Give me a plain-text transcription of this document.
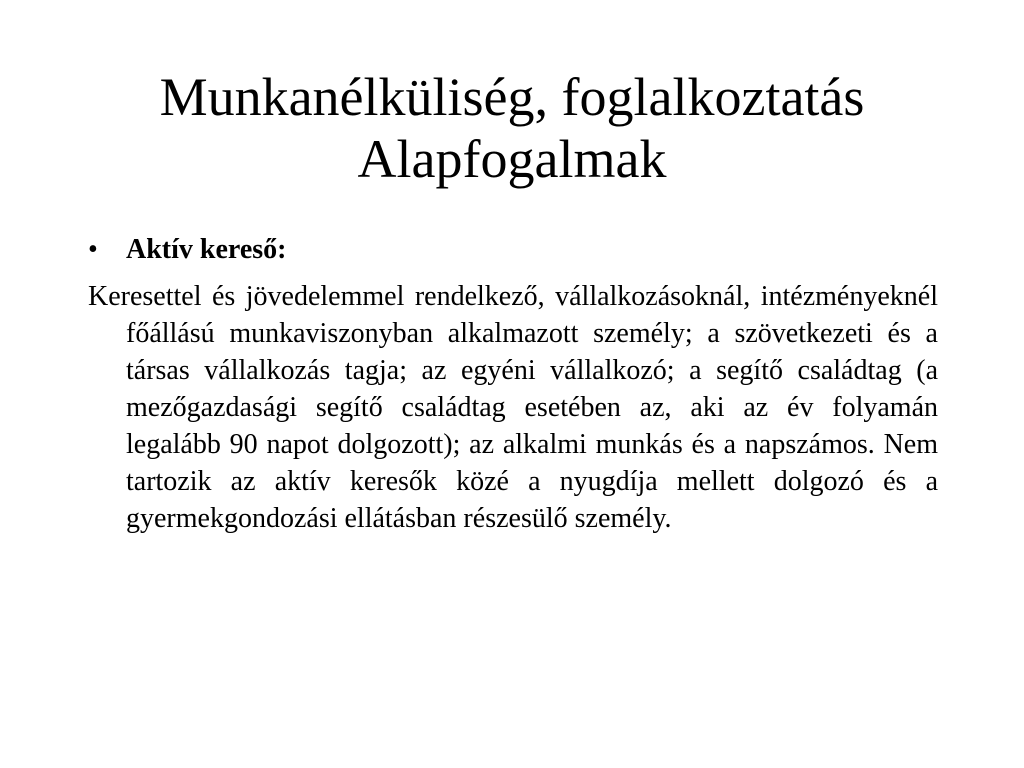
Munkanélküliség, foglalkoztatás
Alapfogalmak
• Aktív kereső:

Keresettel és jövedelemmel rendelkező, vállalkozásoknál, intézményeknél főállású munkaviszonyban alkalmazott személy; a szövetkezeti és a társas vállalkozás tagja; az egyéni vállalkozó; a segítő családtag (a mezőgazdasági segítő családtag esetében az, aki az év folyamán legalább 90 napot dolgozott); az alkalmi munkás és a napszámos. Nem tartozik az aktív keresők közé a nyugdíja mellett dolgozó és a gyermekgondozási ellátásban részesülő személy.
